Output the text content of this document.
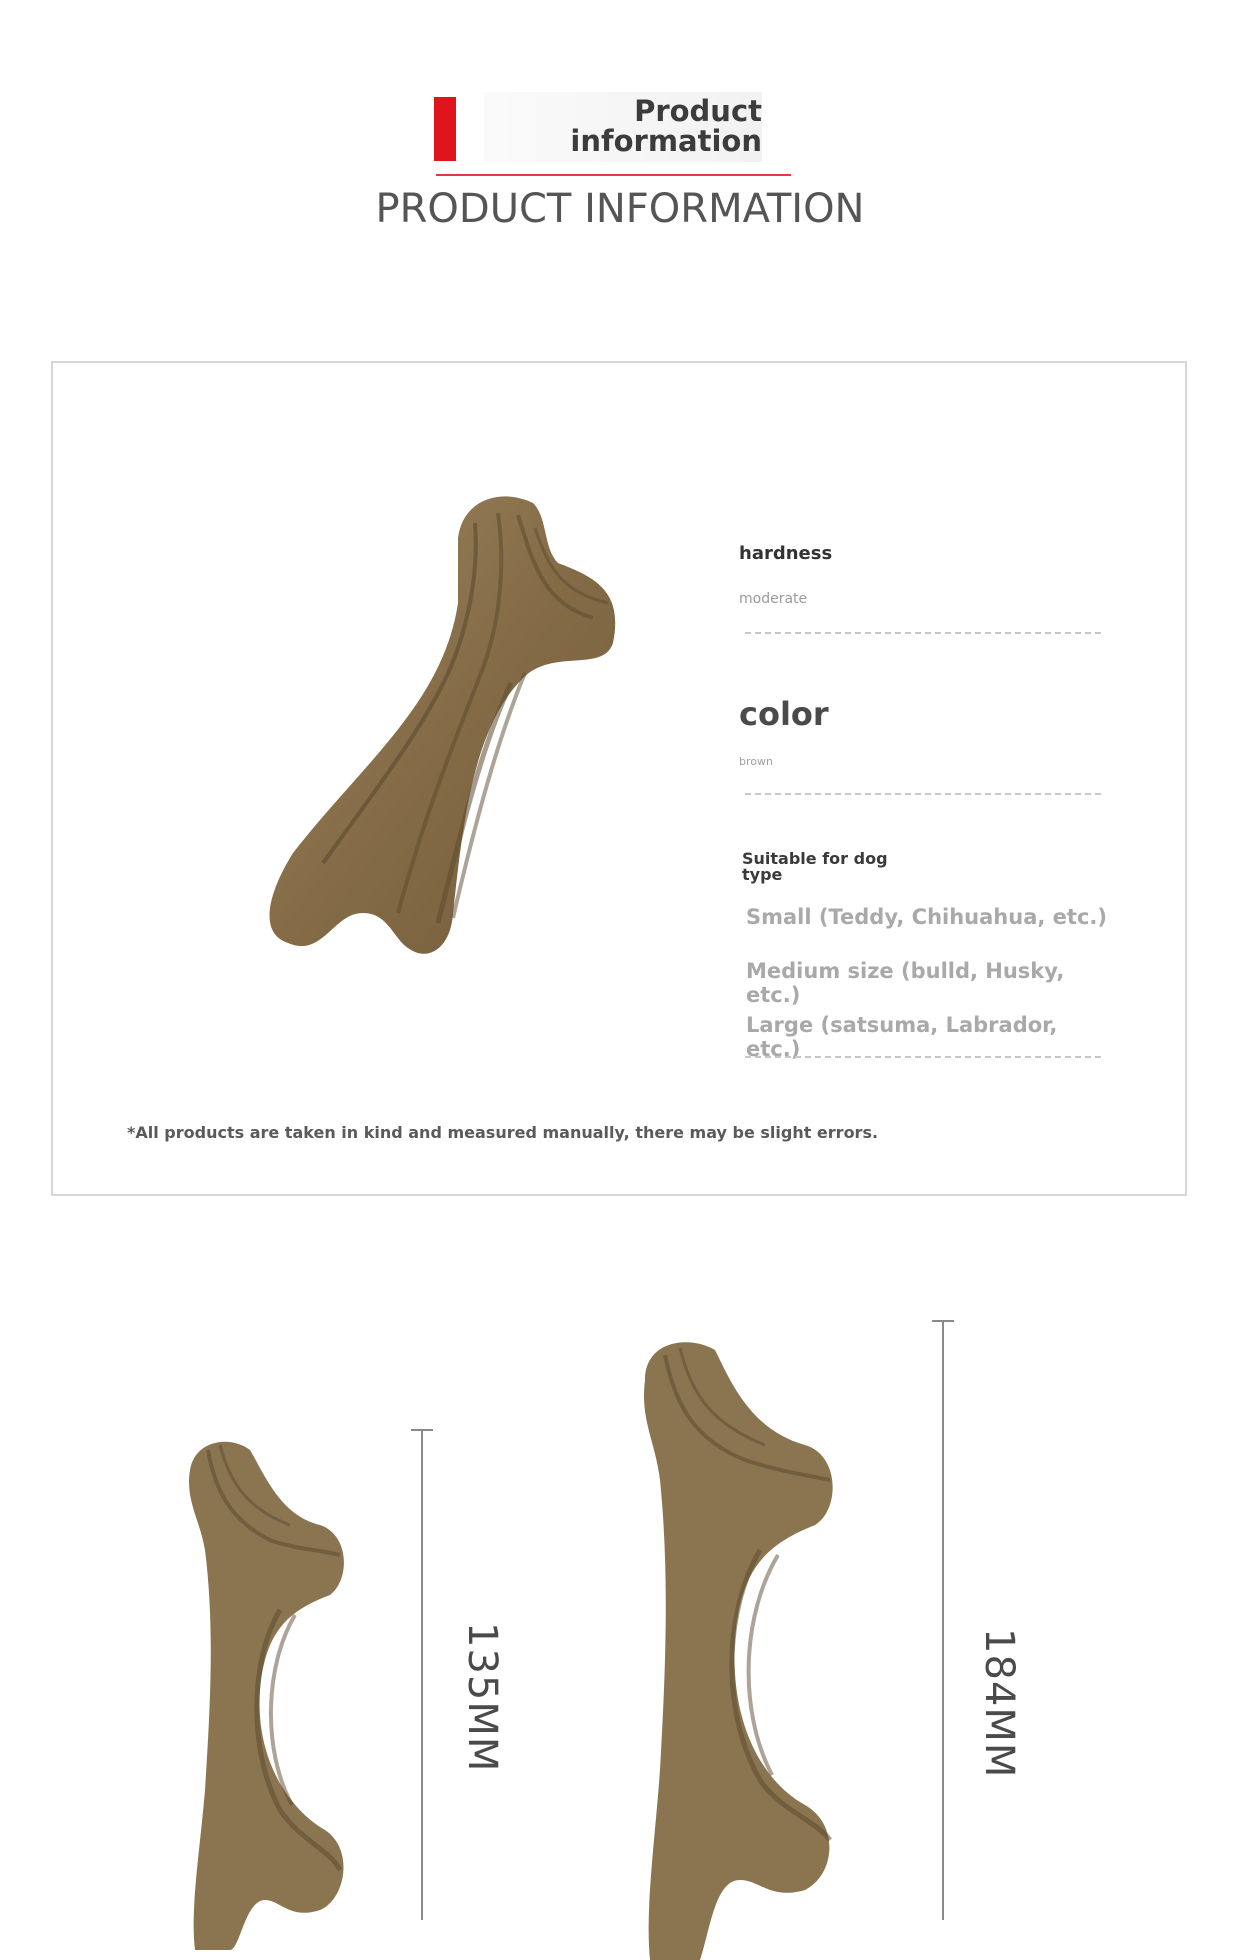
Product
information
PRODUCT INFORMATION
hardness
moderate
color
brown
Suitable for dog type
Small (Teddy, Chihuahua, etc.)
Medium size (bulld, Husky, etc.)
Large (satsuma, Labrador, etc.)
*All products are taken in kind and measured manually, there may be slight errors.
135MM	184MM
